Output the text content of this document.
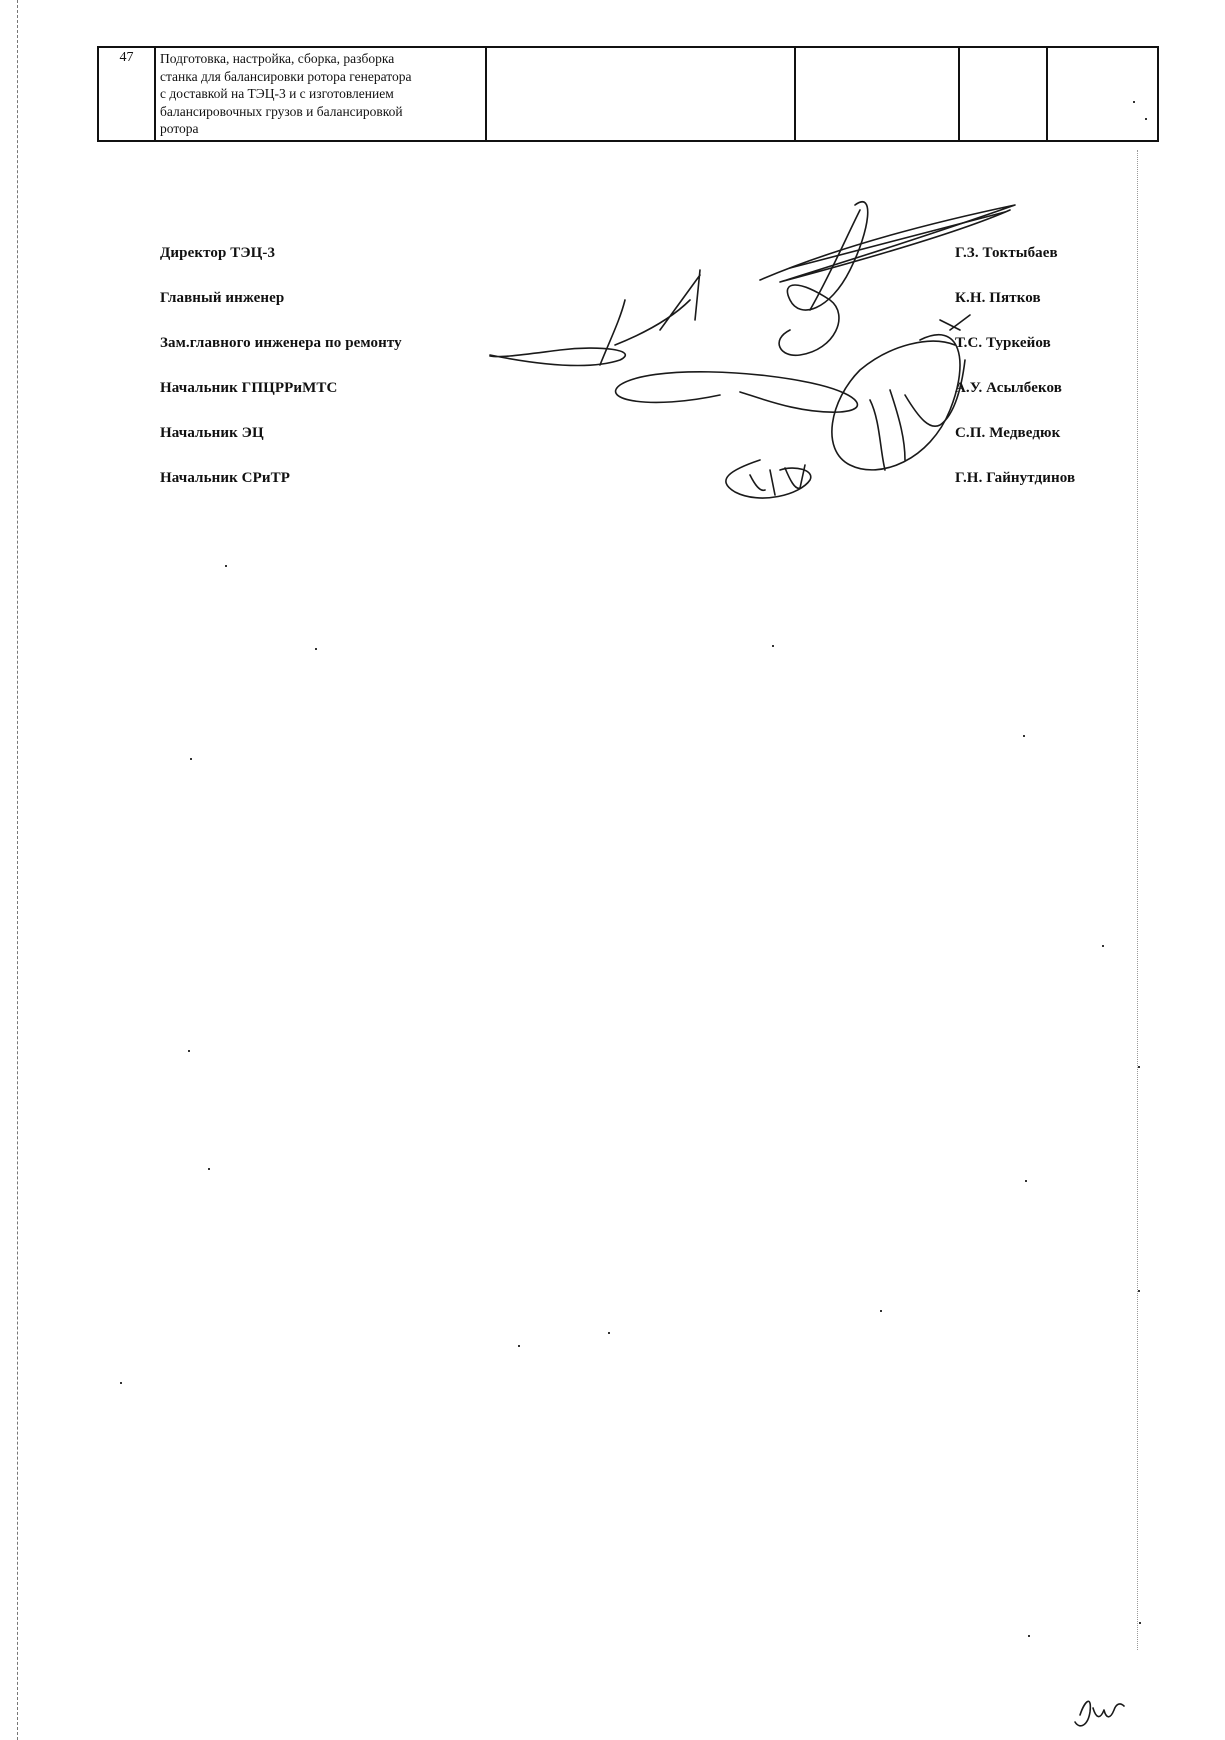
47	Подготовка, настройка, сборка, разборка
станка для балансировки ротора генератора
с доставкой на ТЭЦ-3 и с изготовлением
балансировочных грузов и балансировкой
ротора

Директор ТЭЦ-3	Г.З. Токтыбаев
Главный инженер	К.Н. Пятков
Зам.главного инженера по ремонту	Т.С. Туркейов
Начальник ГПЦРРиМТС	А.У. Асылбеков
Начальник ЭЦ	С.П. Медведюк
Начальник СРиТР	Г.Н. Гайнутдинов
